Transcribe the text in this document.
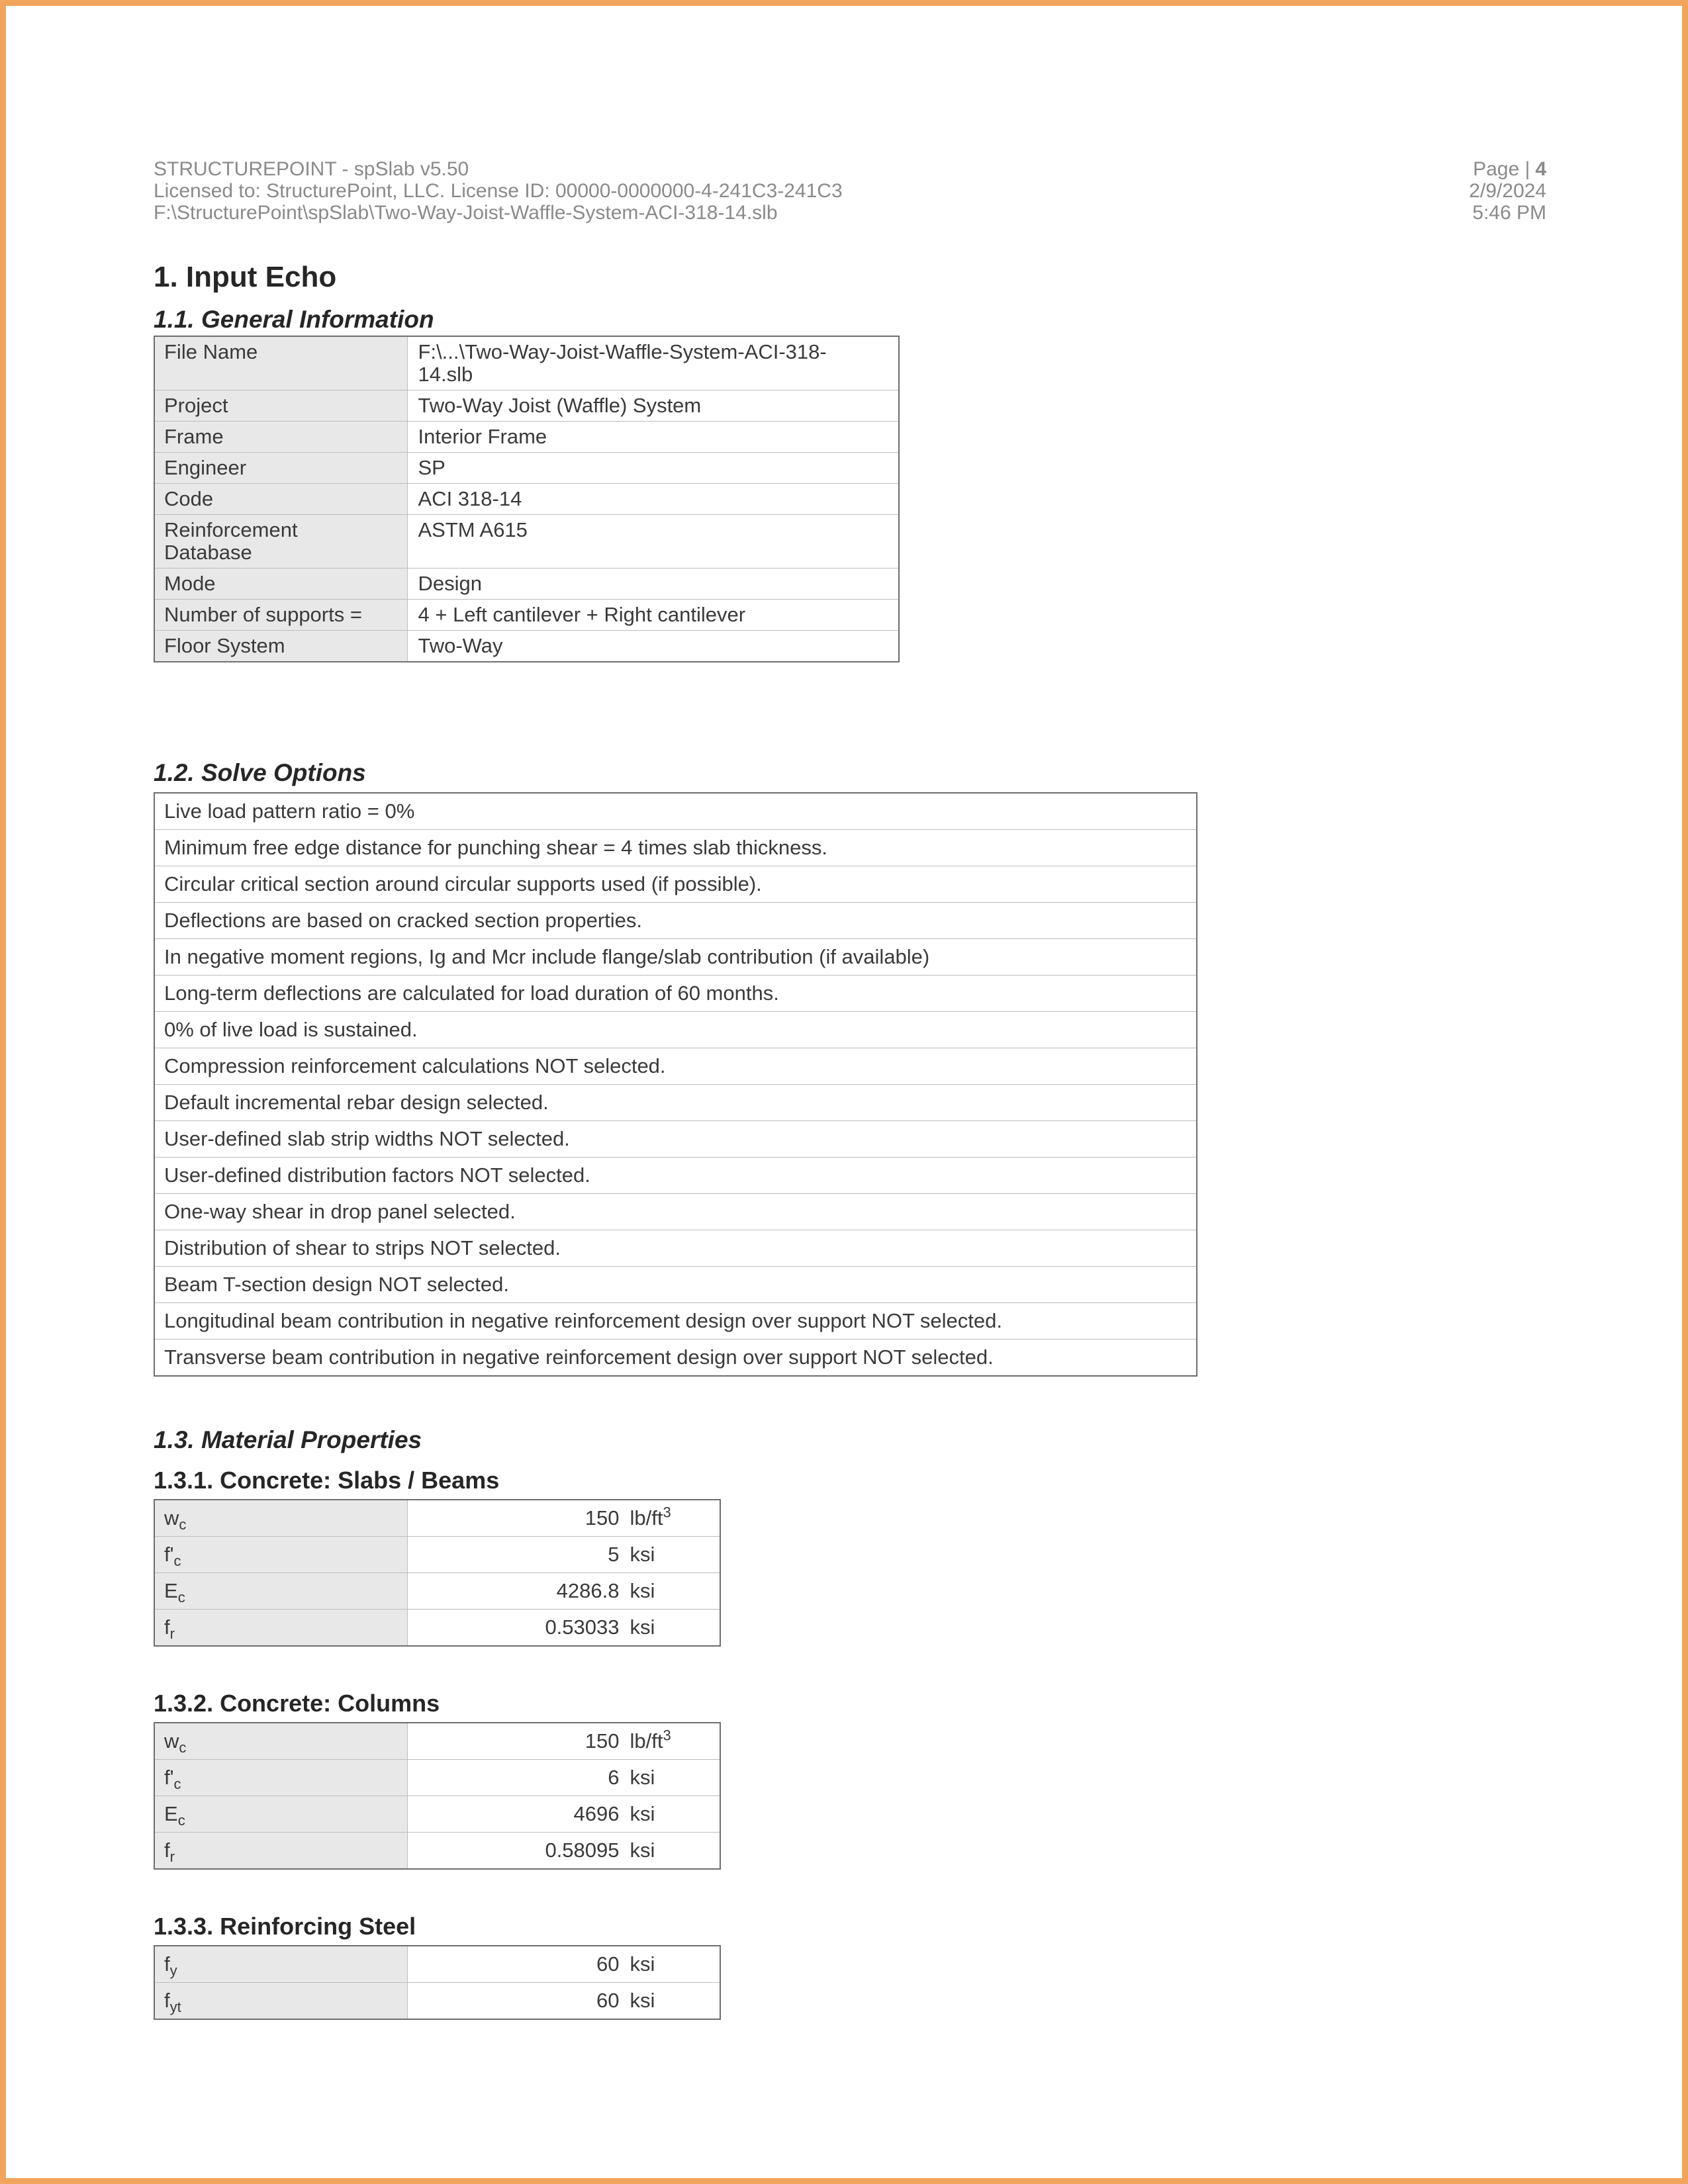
STRUCTUREPOINT - spSlab v5.50
Licensed to: StructurePoint, LLC. License ID: 00000-0000000-4-241C3-241C3
F:\StructurePoint\spSlab\Two-Way-Joist-Waffle-System-ACI-318-14.slb
Page | 4
2/9/2024
5:46 PM
1. Input Echo
1.1. General Information
File Name	F:\...\Two-Way-Joist-Waffle-System-ACI-318-14.slb
Project	Two-Way Joist (Waffle) System
Frame	Interior Frame
Engineer	SP
Code	ACI 318-14
Reinforcement Database	ASTM A615
Mode	Design
Number of supports =	4 + Left cantilever + Right cantilever
Floor System	Two-Way
1.2. Solve Options
Live load pattern ratio = 0%
Minimum free edge distance for punching shear = 4 times slab thickness.
Circular critical section around circular supports used (if possible).
Deflections are based on cracked section properties.
In negative moment regions, Ig and Mcr include flange/slab contribution (if available)
Long-term deflections are calculated for load duration of 60 months.
0% of live load is sustained.
Compression reinforcement calculations NOT selected.
Default incremental rebar design selected.
User-defined slab strip widths NOT selected.
User-defined distribution factors NOT selected.
One-way shear in drop panel selected.
Distribution of shear to strips NOT selected.
Beam T-section design NOT selected.
Longitudinal beam contribution in negative reinforcement design over support NOT selected.
Transverse beam contribution in negative reinforcement design over support NOT selected.
1.3. Material Properties
1.3.1. Concrete: Slabs / Beams
$w_c$	150 $lb/ft^3$
$f'_c$	5 ksi
$E_c$	4286.8 ksi
$f_r$	0.53033 ksi
1.3.2. Concrete: Columns
$w_c$	150 $lb/ft^3$
$f'_c$	6 ksi
$E_c$	4696 ksi
$f_r$	0.58095 ksi
1.3.3. Reinforcing Steel
$f_y$	60 ksi
$f_{yt}$	60 ksi
